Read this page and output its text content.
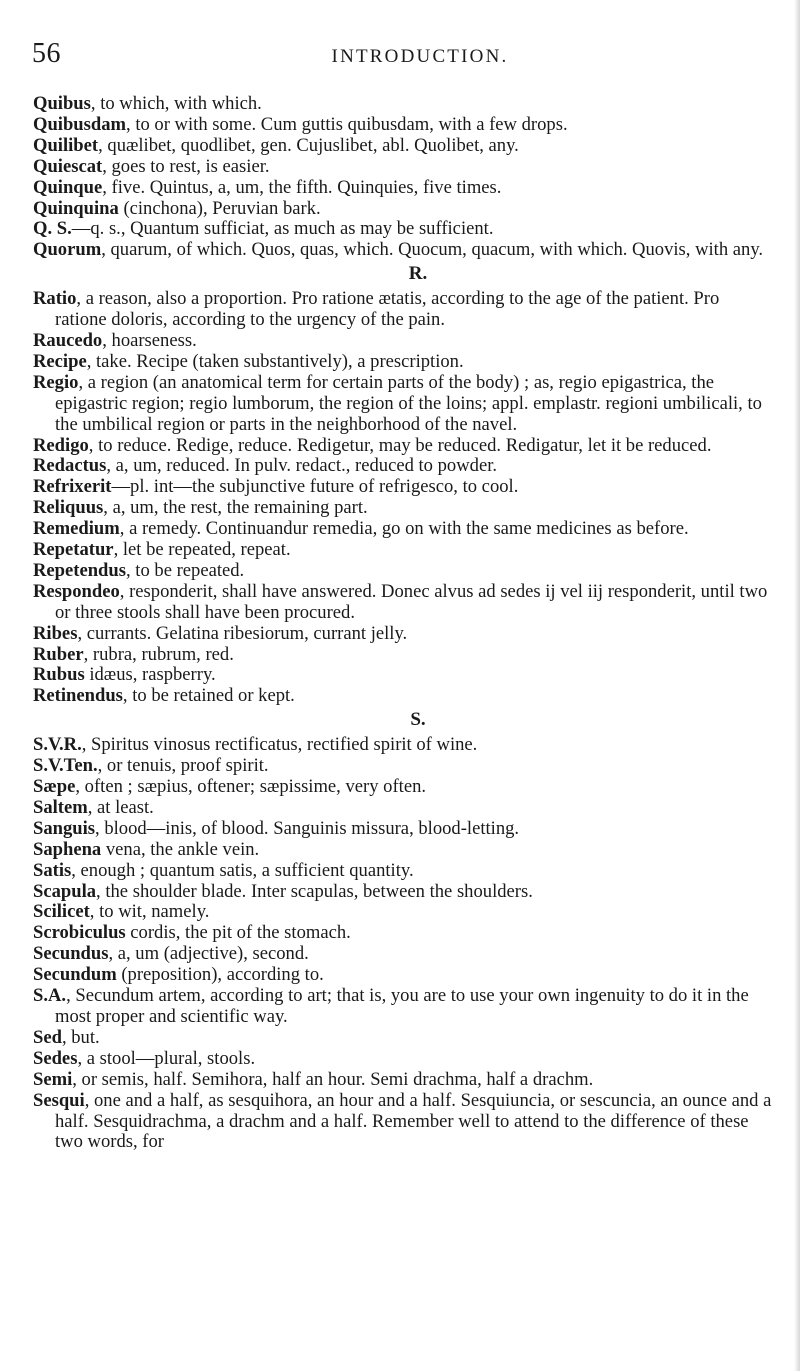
56	INTRODUCTION.
Quibus, to which, with which.
Quibusdam, to or with some. Cum guttis quibusdam, with a few drops.
Quilibet, quælibet, quodlibet, gen. Cujuslibet, abl. Quolibet, any.
Quiescat, goes to rest, is easier.
Quinque, five. Quintus, a, um, the fifth. Quinquies, five times.
Quinquina (cinchona), Peruvian bark.
Q. S.—q. s., Quantum sufficiat, as much as may be sufficient.
Quorum, quarum, of which. Quos, quas, which. Quocum, quacum, with which. Quovis, with any.
R.
Ratio, a reason, also a proportion. Pro ratione ætatis, according to the age of the patient. Pro ratione doloris, according to the urgency of the pain.
Raucedo, hoarseness.
Recipe, take. Recipe (taken substantively), a prescription.
Regio, a region (an anatomical term for certain parts of the body) ; as, regio epigastrica, the epigastric region; regio lumborum, the region of the loins; appl. emplastr. regioni umbilicali, to the umbilical region or parts in the neighborhood of the navel.
Redigo, to reduce. Redige, reduce. Redigetur, may be reduced. Redigatur, let it be reduced.
Redactus, a, um, reduced. In pulv. redact., reduced to powder.
Refrixerit—pl. int—the subjunctive future of refrigesco, to cool.
Reliquus, a, um, the rest, the remaining part.
Remedium, a remedy. Continuandur remedia, go on with the same medicines as before.
Repetatur, let be repeated, repeat.
Repetendus, to be repeated.
Respondeo, responderit, shall have answered. Donec alvus ad sedes ij vel iij responderit, until two or three stools shall have been procured.
Ribes, currants. Gelatina ribesiorum, currant jelly.
Ruber, rubra, rubrum, red.
Rubus idæus, raspberry.
Retinendus, to be retained or kept.
S.
S.V.R., Spiritus vinosus rectificatus, rectified spirit of wine.
S.V.Ten., or tenuis, proof spirit.
Sæpe, often ; sæpius, oftener; sæpissime, very often.
Saltem, at least.
Sanguis, blood—inis, of blood. Sanguinis missura, blood-letting.
Saphena vena, the ankle vein.
Satis, enough ; quantum satis, a sufficient quantity.
Scapula, the shoulder blade. Inter scapulas, between the shoulders.
Scilicet, to wit, namely.
Scrobiculus cordis, the pit of the stomach.
Secundus, a, um (adjective), second.
Secundum (preposition), according to.
S.A., Secundum artem, according to art; that is, you are to use your own ingenuity to do it in the most proper and scientific way.
Sed, but.
Sedes, a stool—plural, stools.
Semi, or semis, half. Semihora, half an hour. Semi drachma, half a drachm.
Sesqui, one and a half, as sesquihora, an hour and a half. Sesquiuncia, or sescuncia, an ounce and a half. Sesquidrachma, a drachm and a half. Remember well to attend to the difference of these two words, for
